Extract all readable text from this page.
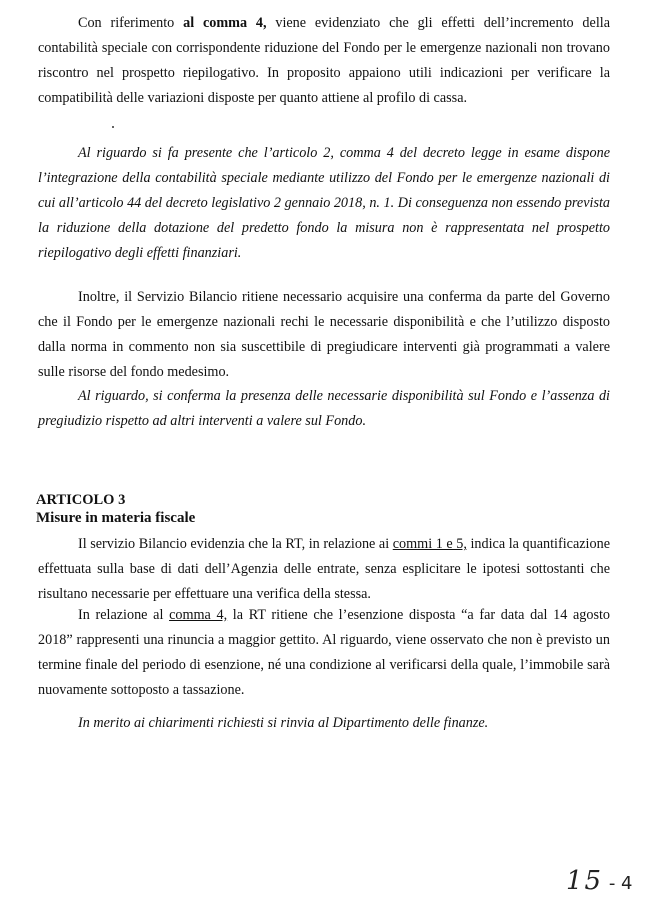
Con riferimento al comma 4, viene evidenziato che gli effetti dell’incremento della contabilità speciale con corrispondente riduzione del Fondo per le emergenze nazionali non trovano riscontro nel prospetto riepilogativo. In proposito appaiono utili indicazioni per verificare la compatibilità delle variazioni disposte per quanto attiene al profilo di cassa.

Al riguardo si fa presente che l’articolo 2, comma 4 del decreto legge in esame dispone l’integrazione della contabilità speciale mediante utilizzo del Fondo per le emergenze nazionali di cui all’articolo 44 del decreto legislativo 2 gennaio 2018, n. 1. Di conseguenza non essendo prevista la riduzione della dotazione del predetto fondo la misura non è rappresentata nel prospetto riepilogativo degli effetti finanziari.

Inoltre, il Servizio Bilancio ritiene necessario acquisire una conferma da parte del Governo che il Fondo per le emergenze nazionali rechi le necessarie disponibilità e che l’utilizzo disposto dalla norma in commento non sia suscettibile di pregiudicare interventi già programmati a valere sulle risorse del fondo medesimo.

Al riguardo, si conferma la presenza delle necessarie disponibilità sul Fondo e l’assenza di pregiudizio rispetto ad altri interventi a valere sul Fondo.

ARTICOLO 3
Misure in materia fiscale

Il servizio Bilancio evidenzia che la RT, in relazione ai commi 1 e 5, indica la quantificazione effettuata sulla base di dati dell’Agenzia delle entrate, senza esplicitare le ipotesi sottostanti che risultano necessarie per effettuare una verifica della stessa.

In relazione al comma 4, la RT ritiene che l’esenzione disposta “a far data dal 14 agosto 2018” rappresenti una rinuncia a maggior gettito. Al riguardo, viene osservato che non è previsto un termine finale del periodo di esenzione, né una condizione al verificarsi della quale, l’immobile sarà nuovamente sottoposto a tassazione.

In merito ai chiarimenti richiesti si rinvia al Dipartimento delle finanze.

15 - 4
